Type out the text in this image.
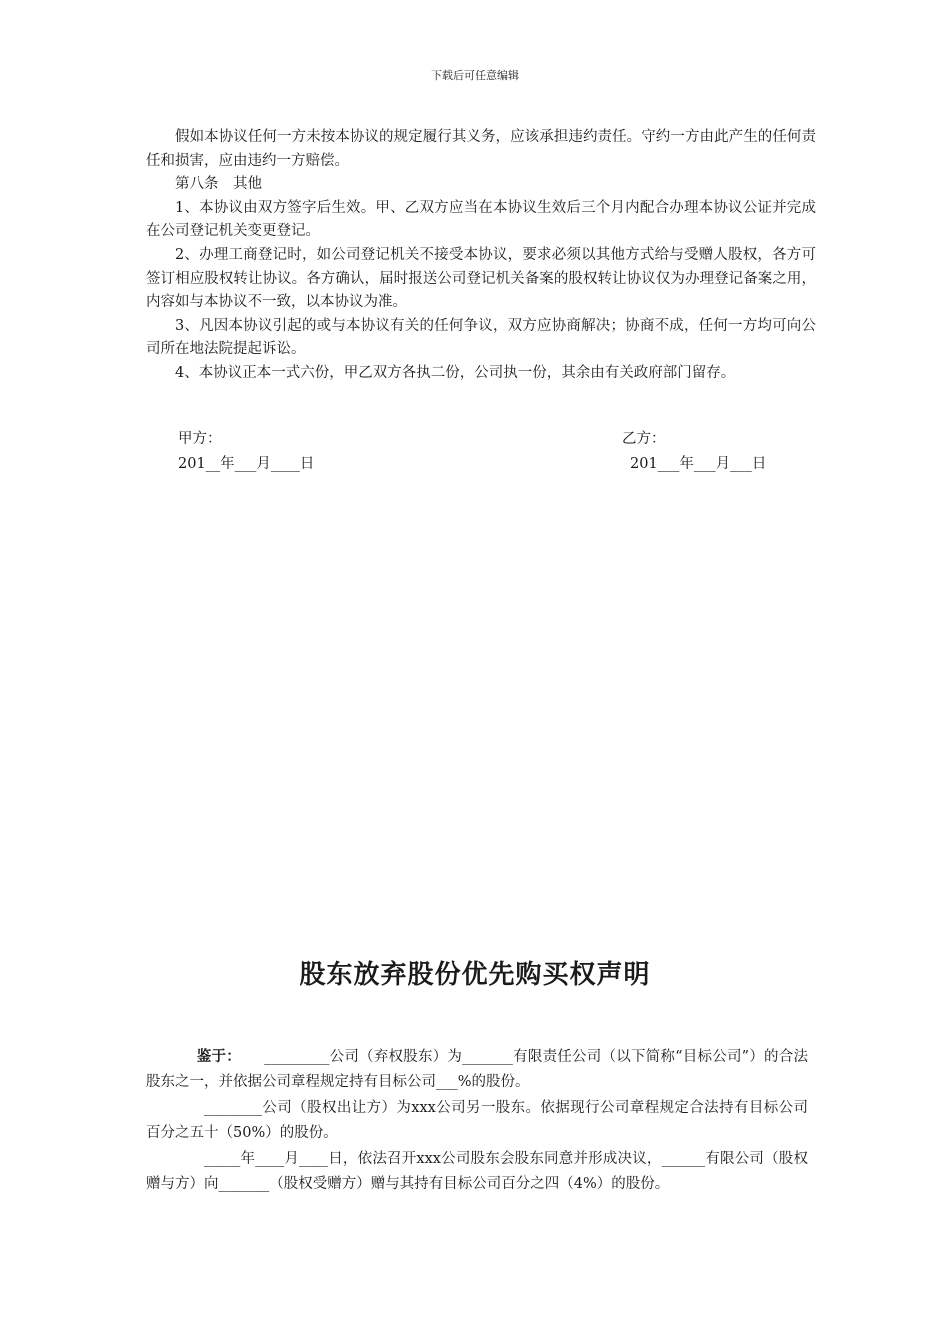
下载后可任意编辑

假如本协议任何一方未按本协议的规定履行其义务，应该承担违约责任。守约一方由此产生的任何责任和损害，应由违约一方赔偿。

第八条　其他

1、本协议由双方签字后生效。甲、乙双方应当在本协议生效后三个月内配合办理本协议公证并完成在公司登记机关变更登记。

2、办理工商登记时，如公司登记机关不接受本协议，要求必须以其他方式给与受赠人股权，各方可签订相应股权转让协议。各方确认，届时报送公司登记机关备案的股权转让协议仅为办理登记备案之用，内容如与本协议不一致，以本协议为准。

3、凡因本协议引起的或与本协议有关的任何争议，双方应协商解决；协商不成，任何一方均可向公司所在地法院提起诉讼。

4、本协议正本一式六份，甲乙双方各执二份，公司执一份，其余由有关政府部门留存。

甲方：	乙方：
201__年___月____日	201___年___月___日
股东放弃股份优先购买权声明

鉴于： _________公司（弃权股东）为_______有限责任公司（以下简称“目标公司”）的合法股东之一，并依据公司章程规定持有目标公司___%的股份。

________公司（股权出让方）为xxx公司另一股东。依据现行公司章程规定合法持有目标公司百分之五十（50%）的股份。

_____年____月____日，依法召开xxx公司股东会股东同意并形成决议，______有限公司（股权赠与方）向_______（股权受赠方）赠与其持有目标公司百分之四（4%）的股份。
